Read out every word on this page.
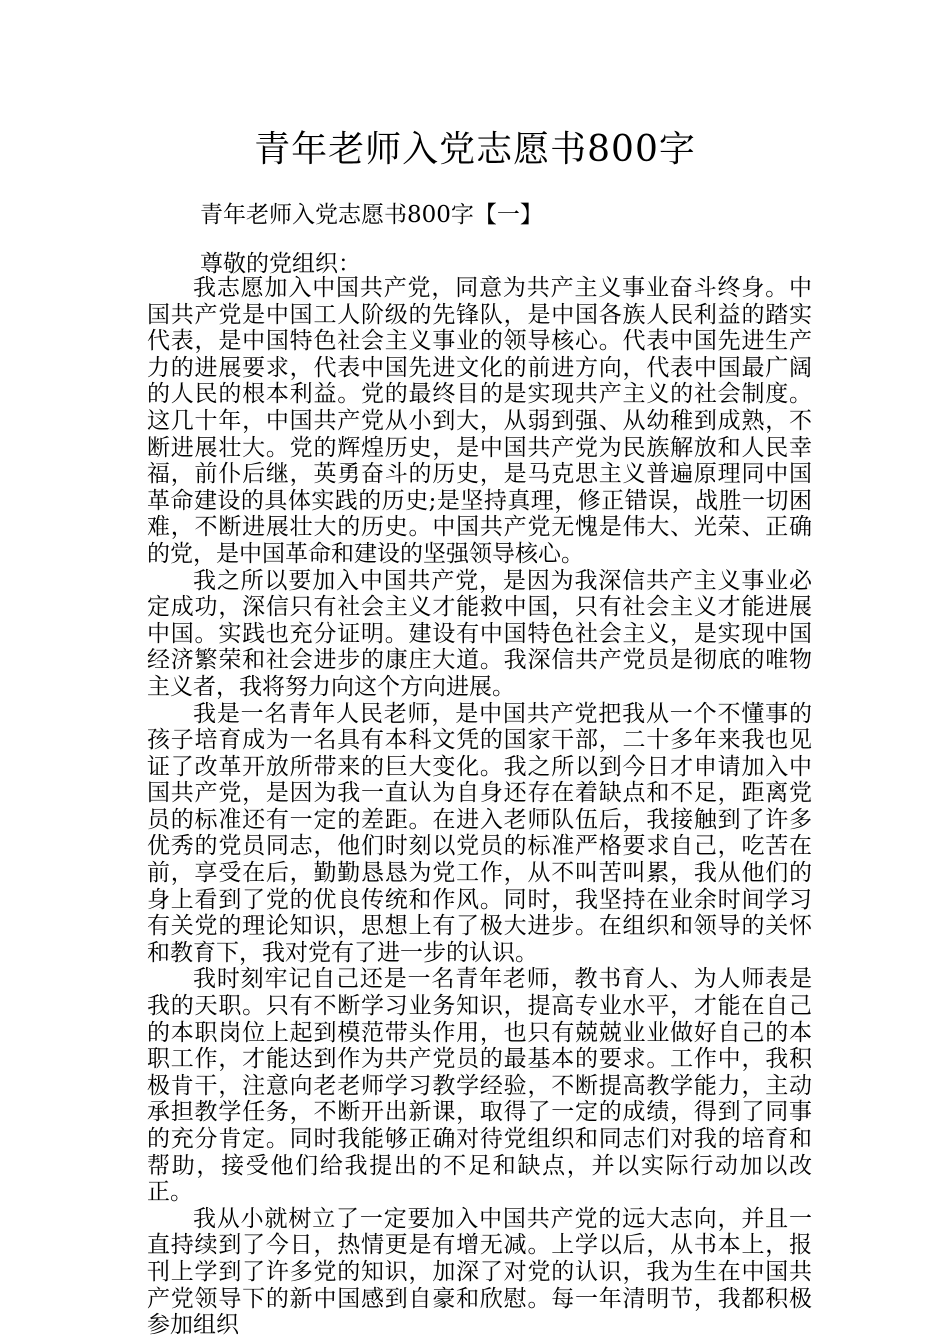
青年老师入党志愿书800字
青年老师入党志愿书800字【一】
尊敬的党组织：

我志愿加入中国共产党，同意为共产主义事业奋斗终身。中国共产党是中国工人阶级的先锋队，是中国各族人民利益的踏实代表，是中国特色社会主义事业的领导核心。代表中国先进生产力的进展要求，代表中国先进文化的前进方向，代表中国最广阔的人民的根本利益。党的最终目的是实现共产主义的社会制度。这几十年，中国共产党从小到大，从弱到强、从幼稚到成熟，不断进展壮大。党的辉煌历史，是中国共产党为民族解放和人民幸福，前仆后继，英勇奋斗的历史，是马克思主义普遍原理同中国革命建设的具体实践的历史;是坚持真理，修正错误，战胜一切困难，不断进展壮大的历史。中国共产党无愧是伟大、光荣、正确的党，是中国革命和建设的坚强领导核心。

我之所以要加入中国共产党，是因为我深信共产主义事业必定成功，深信只有社会主义才能救中国，只有社会主义才能进展中国。实践也充分证明。建设有中国特色社会主义，是实现中国经济繁荣和社会进步的康庄大道。我深信共产党员是彻底的唯物主义者，我将努力向这个方向进展。

我是一名青年人民老师，是中国共产党把我从一个不懂事的孩子培育成为一名具有本科文凭的国家干部，二十多年来我也见证了改革开放所带来的巨大变化。我之所以到今日才申请加入中国共产党，是因为我一直认为自身还存在着缺点和不足，距离党员的标准还有一定的差距。在进入老师队伍后，我接触到了许多优秀的党员同志，他们时刻以党员的标准严格要求自己，吃苦在前，享受在后，勤勤恳恳为党工作，从不叫苦叫累，我从他们的身上看到了党的优良传统和作风。同时，我坚持在业余时间学习有关党的理论知识，思想上有了极大进步。在组织和领导的关怀和教育下，我对党有了进一步的认识。

我时刻牢记自己还是一名青年老师，教书育人、为人师表是我的天职。只有不断学习业务知识，提高专业水平，才能在自己的本职岗位上起到模范带头作用，也只有兢兢业业做好自己的本职工作，才能达到作为共产党员的最基本的要求。工作中，我积极肯干，注意向老老师学习教学经验，不断提高教学能力，主动承担教学任务，不断开出新课，取得了一定的成绩，得到了同事的充分肯定。同时我能够正确对待党组织和同志们对我的培育和帮助，接受他们给我提出的不足和缺点，并以实际行动加以改正。

我从小就树立了一定要加入中国共产党的远大志向，并且一直持续到了今日，热情更是有增无减。上学以后，从书本上，报刊上学到了许多党的知识，加深了对党的认识，我为生在中国共产党领导下的新中国感到自豪和欣慰。每一年清明节，我都积极参加组织
